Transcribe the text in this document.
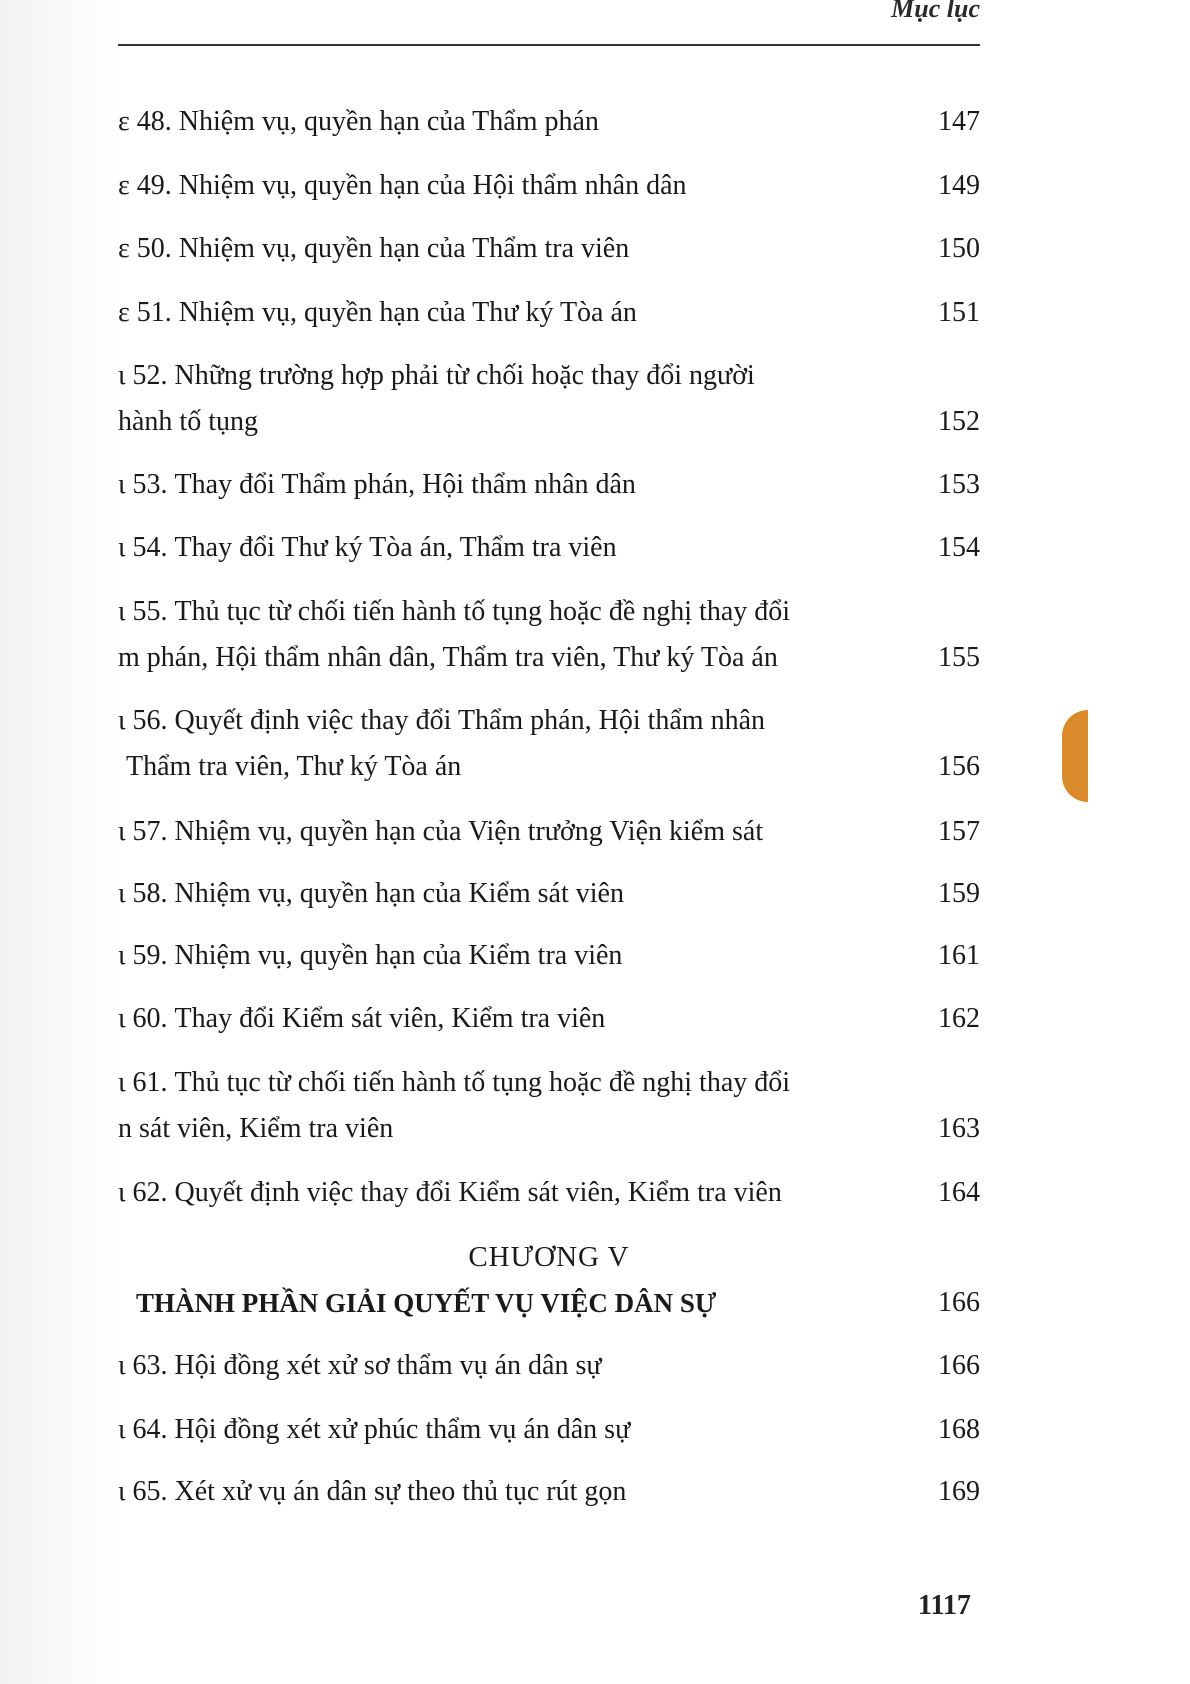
Mục lục
ε 48. Nhiệm vụ, quyền hạn của Thẩm phán	147
ε 49. Nhiệm vụ, quyền hạn của Hội thẩm nhân dân	149
ε 50. Nhiệm vụ, quyền hạn của Thẩm tra viên	150
ε 51. Nhiệm vụ, quyền hạn của Thư ký Tòa án	151
ι 52. Những trường hợp phải từ chối hoặc thay đổi người
hành tố tụng	152
ι 53. Thay đổi Thẩm phán, Hội thẩm nhân dân	153
ι 54. Thay đổi Thư ký Tòa án, Thẩm tra viên	154
ι 55. Thủ tục từ chối tiến hành tố tụng hoặc đề nghị thay đổi
m phán, Hội thẩm nhân dân, Thẩm tra viên, Thư ký Tòa án	155
ι 56. Quyết định việc thay đổi Thẩm phán, Hội thẩm nhân
Thẩm tra viên, Thư ký Tòa án	156
ι 57. Nhiệm vụ, quyền hạn của Viện trưởng Viện kiểm sát	157
ι 58. Nhiệm vụ, quyền hạn của Kiểm sát viên	159
ι 59. Nhiệm vụ, quyền hạn của Kiểm tra viên	161
ι 60. Thay đổi Kiểm sát viên, Kiểm tra viên	162
ι 61. Thủ tục từ chối tiến hành tố tụng hoặc đề nghị thay đổi
n sát viên, Kiểm tra viên	163
ι 62. Quyết định việc thay đổi Kiểm sát viên, Kiểm tra viên	164
CHƯƠNG V
THÀNH PHẦN GIẢI QUYẾT VỤ VIỆC DÂN SỰ	166
ι 63. Hội đồng xét xử sơ thẩm vụ án dân sự	166
ι 64. Hội đồng xét xử phúc thẩm vụ án dân sự	168
ι 65. Xét xử vụ án dân sự theo thủ tục rút gọn	169
1117
